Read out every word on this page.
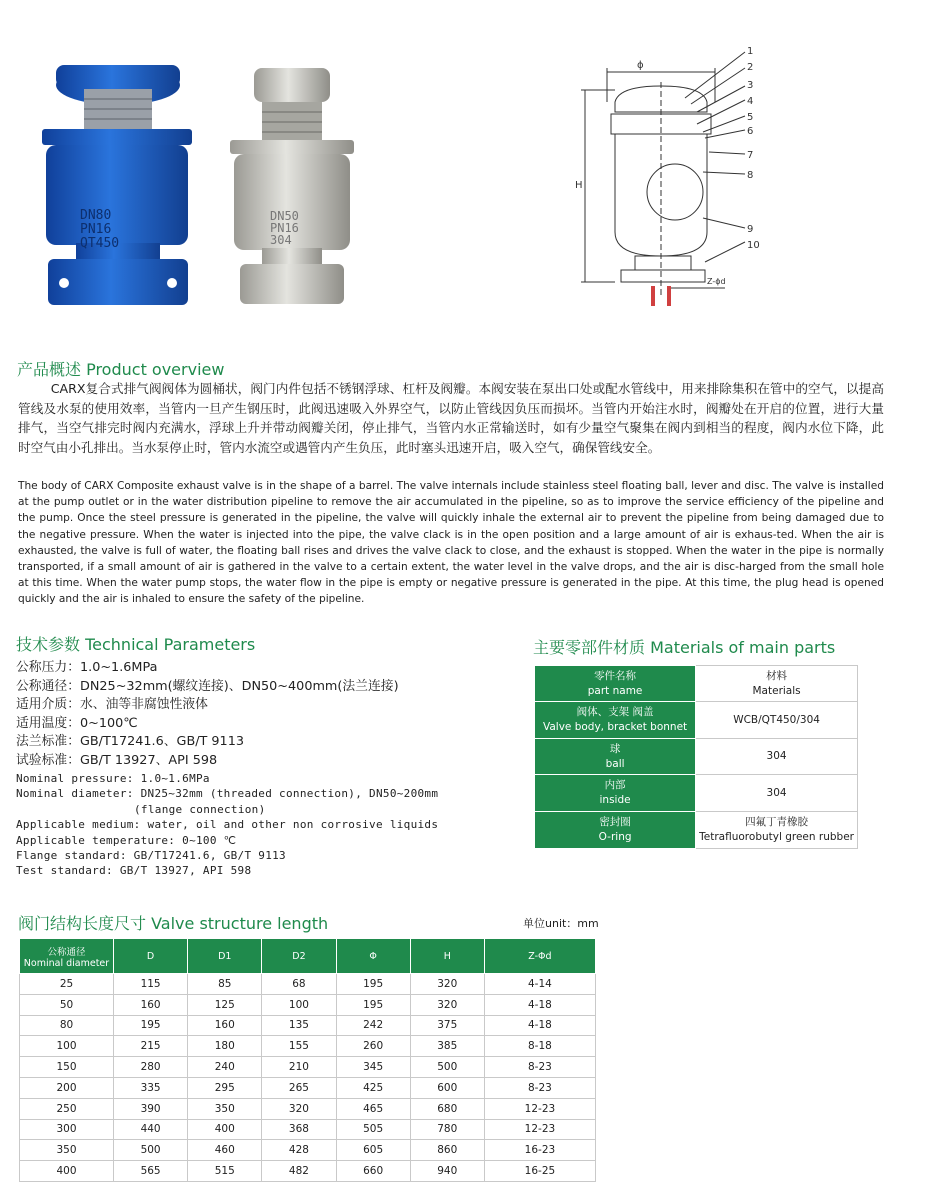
DN80
PN16
QT450
DN50
PN16
304
ϕ
H
Z-ϕd
1
2
3
4
5
6
7
8
9
10
产品概述 Product overview

CARX复合式排气阀阀体为圆桶状，阀门内件包括不锈钢浮球、杠杆及阀瓣。本阀安装在泵出口处或配水管线中，用来排除集积在管中的空气，以提高管线及水泵的使用效率，当管内一旦产生钢压时，此阀迅速吸入外界空气，以防止管线因负压而损坏。当管内开始注水时，阀瓣处在开启的位置，进行大量排气，当空气排完时阀内充满水，浮球上升并带动阀瓣关闭，停止排气，当管内水正常输送时，如有少量空气聚集在阀内到相当的程度，阀内水位下降，此时空气由小孔排出。当水泵停止时，管内水流空或遇管内产生负压，此时塞头迅速开启，吸入空气，确保管线安全。

The body of CARX Composite exhaust valve is in the shape of a barrel. The valve internals include stainless steel floating ball, lever and disc. The valve is installed at the pump outlet or in the water distribution pipeline to remove the air accumulated in the pipeline, so as to improve the service efficiency of the pipeline and the pump. Once the steel pressure is generated in the pipeline, the valve will quickly inhale the external air to prevent the pipeline from being damaged due to the negative pressure. When the water is injected into the pipe, the valve clack is in the open position and a large amount of air is exhaus-ted. When the air is exhausted, the valve is full of water, the floating ball rises and drives the valve clack to close, and the exhaust is stopped. When the water in the pipe is normally transported, if a small amount of air is gathered in the valve to a certain extent, the water level in the valve drops, and the air is disc-harged from the small hole at this time. When the water pump stops, the water flow in the pipe is empty or negative pressure is generated in the pipe. At this time, the plug head is opened quickly and the air is inhaled to ensure the safety of the pipeline.

技术参数 Technical Parameters
公称压力：1.0~1.6MPa
公称通径：DN25~32mm(螺纹连接)、DN50~400mm(法兰连接)
适用介质：水、油等非腐蚀性液体
适用温度：0~100℃
法兰标准：GB/T17241.6、GB/T 9113
试验标准：GB/T 13927、API 598
Nominal pressure: 1.0~1.6MPa
Nominal diameter: DN25~32mm (threaded connection), DN50~200mm
(flange connection)
Applicable medium: water, oil and other non corrosive liquids
Applicable temperature: 0~100 ℃
Flange standard: GB/T17241.6, GB/T 9113
Test standard: GB/T 13927, API 598
主要零部件材质 Materials of main parts
零件名称
part name	材料
Materials

阀体、支架 阀盖
Valve body, bracket bonnet	WCB/QT450/304

球
ball	304

内部
inside	304

密封圈
O-ring	四氟丁青橡胶
Tetrafluorobutyl green rubber
阀门结构长度尺寸 Valve structure length	单位unit：mm
公称通径
Nominal diameter	D	D1	D2	Φ	H	Z-Φd
25	115	85	68	195	320	4-14
50	160	125	100	195	320	4-18
80	195	160	135	242	375	4-18
100	215	180	155	260	385	8-18
150	280	240	210	345	500	8-23
200	335	295	265	425	600	8-23
250	390	350	320	465	680	12-23
300	440	400	368	505	780	12-23
350	500	460	428	605	860	16-23
400	565	515	482	660	940	16-25
